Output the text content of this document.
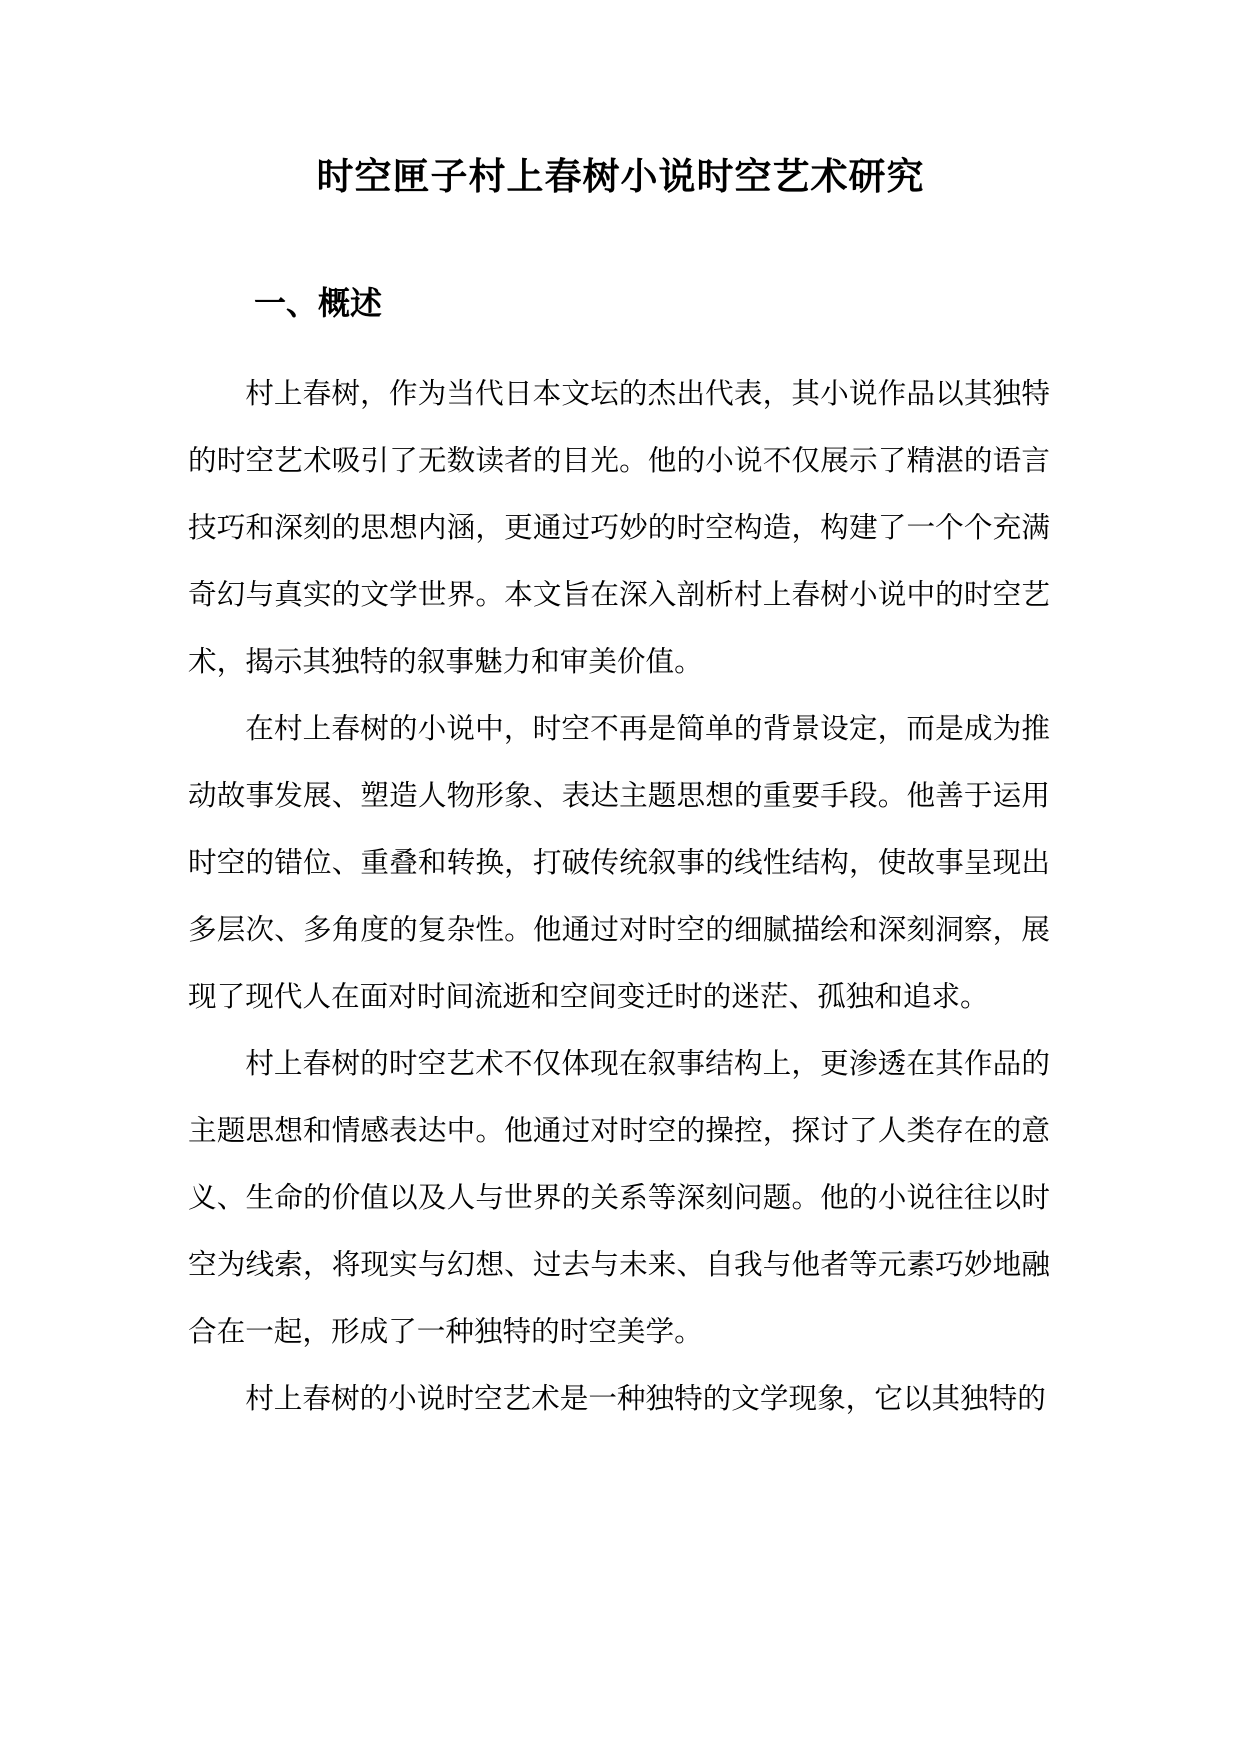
时空匣子村上春树小说时空艺术研究
一、概述

村上春树，作为当代日本文坛的杰出代表，其小说作品以其独特的时空艺术吸引了无数读者的目光。他的小说不仅展示了精湛的语言技巧和深刻的思想内涵，更通过巧妙的时空构造，构建了一个个充满奇幻与真实的文学世界。本文旨在深入剖析村上春树小说中的时空艺术，揭示其独特的叙事魅力和审美价值。

在村上春树的小说中，时空不再是简单的背景设定，而是成为推动故事发展、塑造人物形象、表达主题思想的重要手段。他善于运用时空的错位、重叠和转换，打破传统叙事的线性结构，使故事呈现出多层次、多角度的复杂性。他通过对时空的细腻描绘和深刻洞察，展现了现代人在面对时间流逝和空间变迁时的迷茫、孤独和追求。

村上春树的时空艺术不仅体现在叙事结构上，更渗透在其作品的主题思想和情感表达中。他通过对时空的操控，探讨了人类存在的意义、生命的价值以及人与世界的关系等深刻问题。他的小说往往以时空为线索，将现实与幻想、过去与未来、自我与他者等元素巧妙地融合在一起，形成了一种独特的时空美学。

村上春树的小说时空艺术是一种独特的文学现象，它以其独特的
